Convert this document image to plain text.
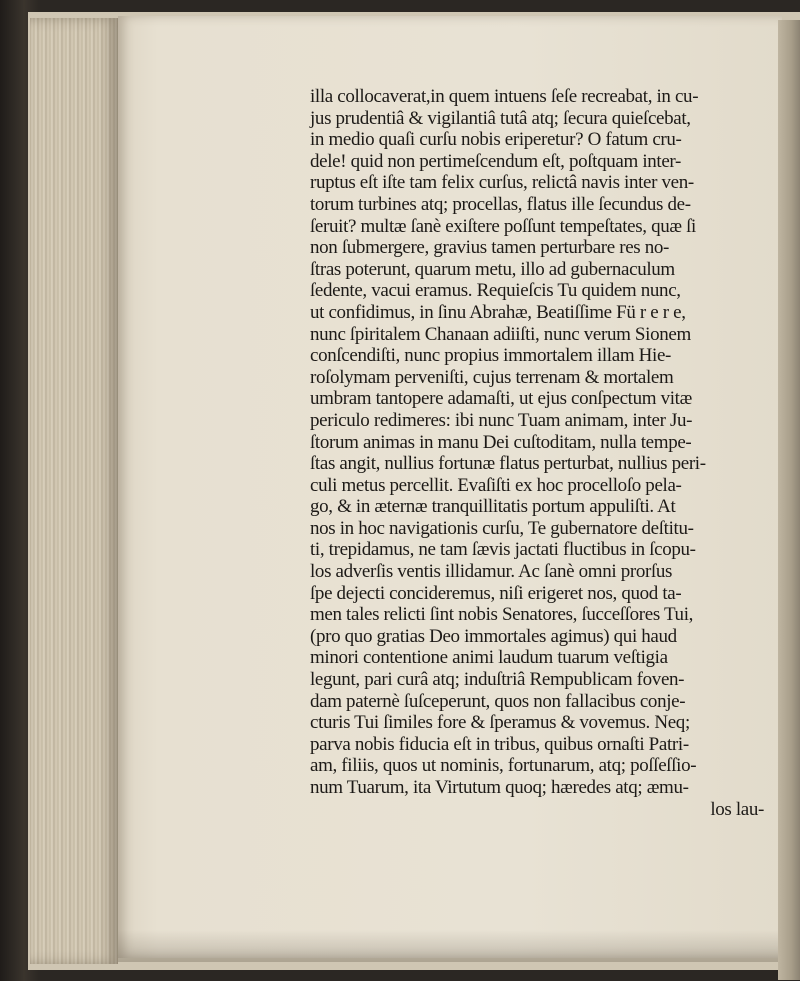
illa collocaverat,in quem intuens ſeſe recreabat, in cu-
jus prudentiâ & vigilantiâ tutâ atq; ſecura quieſcebat,
in medio quaſi curſu nobis eriperetur? O fatum cru-
dele! quid non pertimeſcendum eſt, poſtquam inter-
ruptus eſt iſte tam felix curſus, relictâ navis inter ven-
torum turbines atq; procellas, flatus ille ſecundus de-
ſeruit? multæ ſanè exiſtere poſſunt tempeſtates, quæ ſi
non ſubmergere, gravius tamen perturbare res no-
ſtras poterunt, quarum metu, illo ad gubernaculum
ſedente, vacui eramus. Requieſcis Tu quidem nunc,
ut confidimus, in ſinu Abrahæ, Beatiſſime Fü r e r e,
nunc ſpiritalem Chanaan adiiſti, nunc verum Sionem
conſcendiſti, nunc propius immortalem illam Hie-
roſolymam perveniſti, cujus terrenam & mortalem
umbram tantopere adamaſti, ut ejus conſpectum vitæ
periculo redimeres: ibi nunc Tuam animam, inter Ju-
ſtorum animas in manu Dei cuſtoditam, nulla tempe-
ſtas angit, nullius fortunæ flatus perturbat, nullius peri-
culi metus percellit. Evaſiſti ex hoc procelloſo pela-
go, & in æternæ tranquillitatis portum appuliſti. At
nos in hoc navigationis curſu, Te gubernatore deſtitu-
ti, trepidamus, ne tam ſævis jactati fluctibus in ſcopu-
los adverſis ventis illidamur. Ac ſanè omni prorſus
ſpe dejecti concideremus, niſi erigeret nos, quod ta-
men tales relicti ſint nobis Senatores, ſucceſſores Tui,
(pro quo gratias Deo immortales agimus) qui haud
minori contentione animi laudum tuarum veſtigia
legunt, pari curâ atq; induſtriâ Rempublicam foven-
dam paternè ſuſceperunt, quos non fallacibus conje-
cturis Tui ſimiles fore & ſperamus & vovemus. Neq;
parva nobis fiducia eſt in tribus, quibus ornaſti Patri-
am, filiis, quos ut nominis, fortunarum, atq; poſſeſſio-
num Tuarum, ita Virtutum quoq; hæredes atq; æmu-
los lau-
